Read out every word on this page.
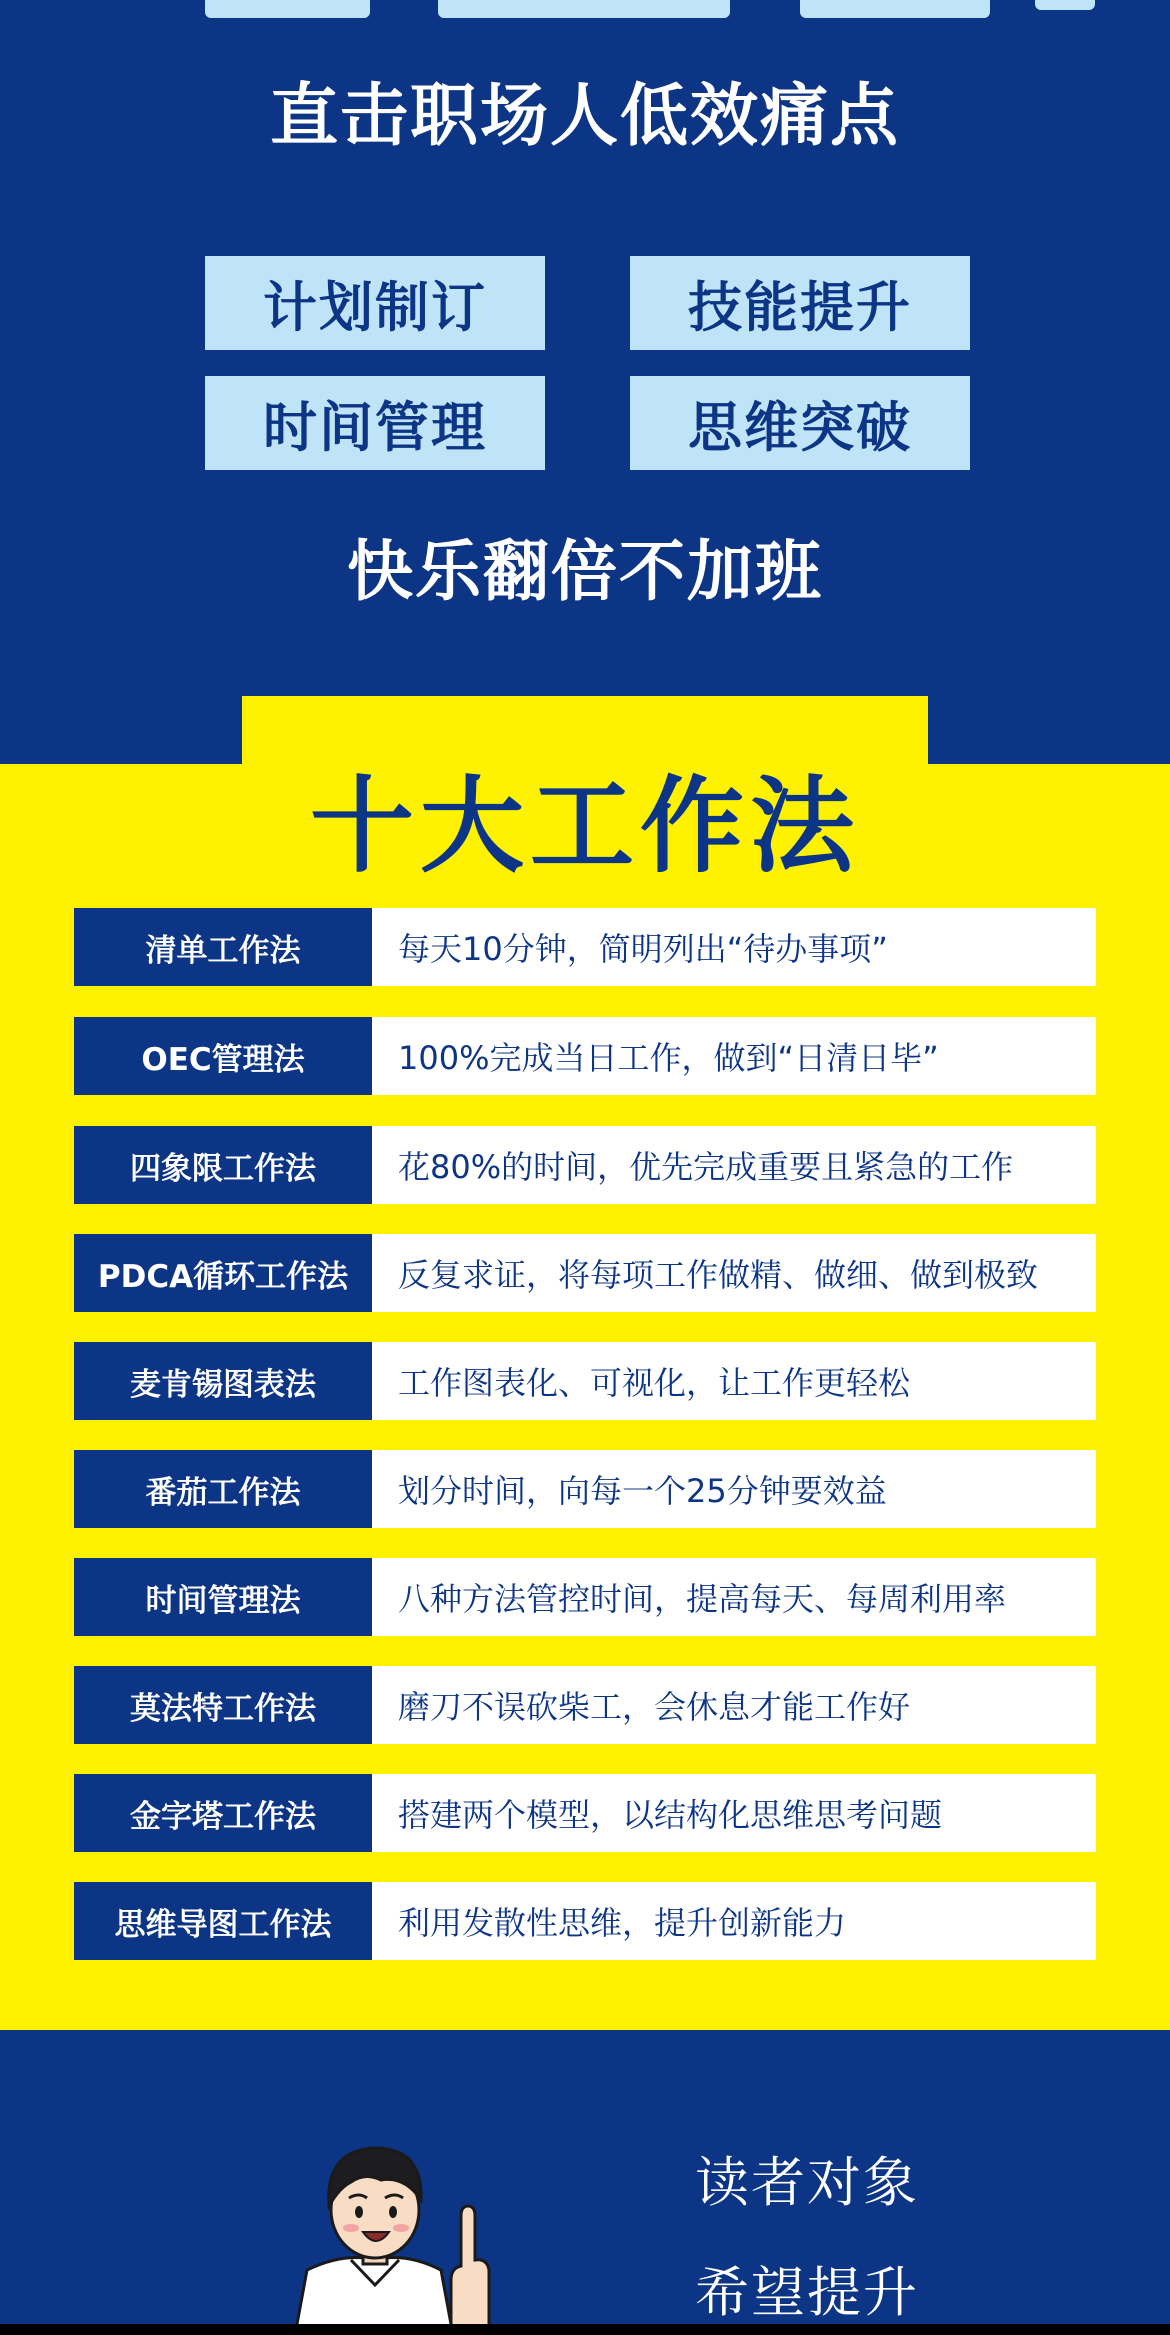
直击职场人低效痛点
计划制订	技能提升
时间管理	思维突破
快乐翻倍不加班
十大工作法
清单工作法	每天10分钟，简明列出“待办事项”
OEC管理法	100%完成当日工作，做到“日清日毕”
四象限工作法	花80%的时间，优先完成重要且紧急的工作
PDCA循环工作法	反复求证，将每项工作做精、做细、做到极致
麦肯锡图表法	工作图表化、可视化，让工作更轻松
番茄工作法	划分时间，向每一个25分钟要效益
时间管理法	八种方法管控时间，提高每天、每周利用率
莫法特工作法	磨刀不误砍柴工，会休息才能工作好
金字塔工作法	搭建两个模型，以结构化思维思考问题
思维导图工作法	利用发散性思维，提升创新能力
读者对象
希望提升
